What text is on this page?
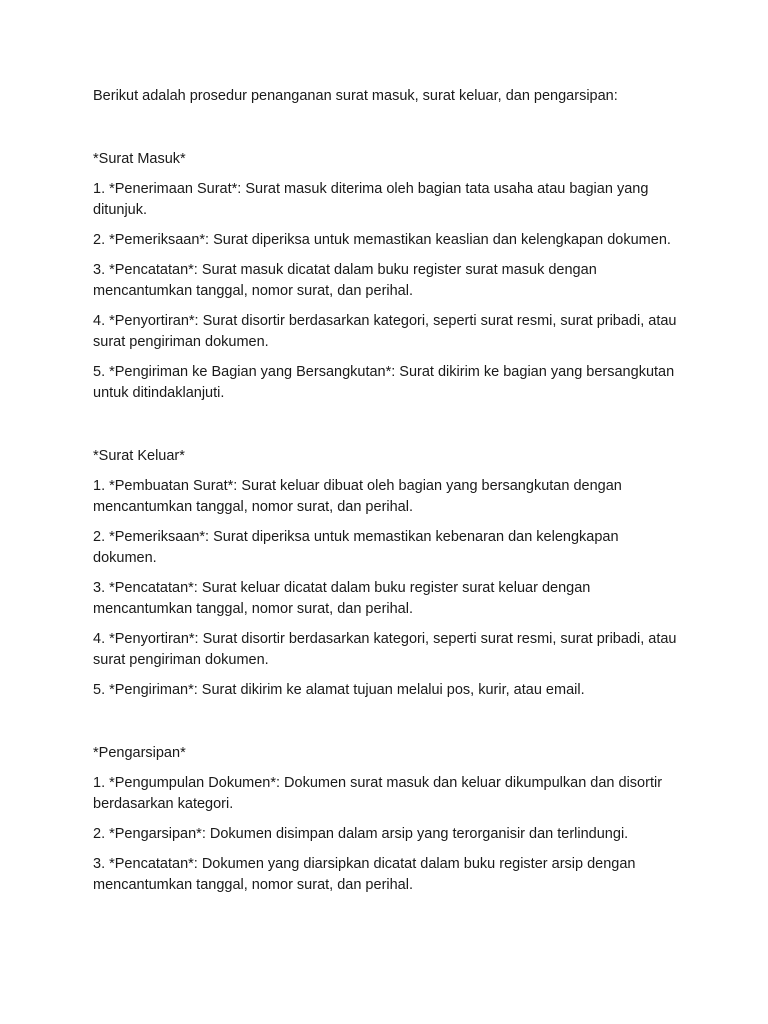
Berikut adalah prosedur penanganan surat masuk, surat keluar, dan pengarsipan:

*Surat Masuk*

1. *Penerimaan Surat*: Surat masuk diterima oleh bagian tata usaha atau bagian yang ditunjuk.

2. *Pemeriksaan*: Surat diperiksa untuk memastikan keaslian dan kelengkapan dokumen.

3. *Pencatatan*: Surat masuk dicatat dalam buku register surat masuk dengan mencantumkan tanggal, nomor surat, dan perihal.

4. *Penyortiran*: Surat disortir berdasarkan kategori, seperti surat resmi, surat pribadi, atau surat pengiriman dokumen.

5. *Pengiriman ke Bagian yang Bersangkutan*: Surat dikirim ke bagian yang bersangkutan untuk ditindaklanjuti.

*Surat Keluar*

1. *Pembuatan Surat*: Surat keluar dibuat oleh bagian yang bersangkutan dengan mencantumkan tanggal, nomor surat, dan perihal.

2. *Pemeriksaan*: Surat diperiksa untuk memastikan kebenaran dan kelengkapan dokumen.

3. *Pencatatan*: Surat keluar dicatat dalam buku register surat keluar dengan mencantumkan tanggal, nomor surat, dan perihal.

4. *Penyortiran*: Surat disortir berdasarkan kategori, seperti surat resmi, surat pribadi, atau surat pengiriman dokumen.

5. *Pengiriman*: Surat dikirim ke alamat tujuan melalui pos, kurir, atau email.

*Pengarsipan*

1. *Pengumpulan Dokumen*: Dokumen surat masuk dan keluar dikumpulkan dan disortir berdasarkan kategori.

2. *Pengarsipan*: Dokumen disimpan dalam arsip yang terorganisir dan terlindungi.

3. *Pencatatan*: Dokumen yang diarsipkan dicatat dalam buku register arsip dengan mencantumkan tanggal, nomor surat, dan perihal.
